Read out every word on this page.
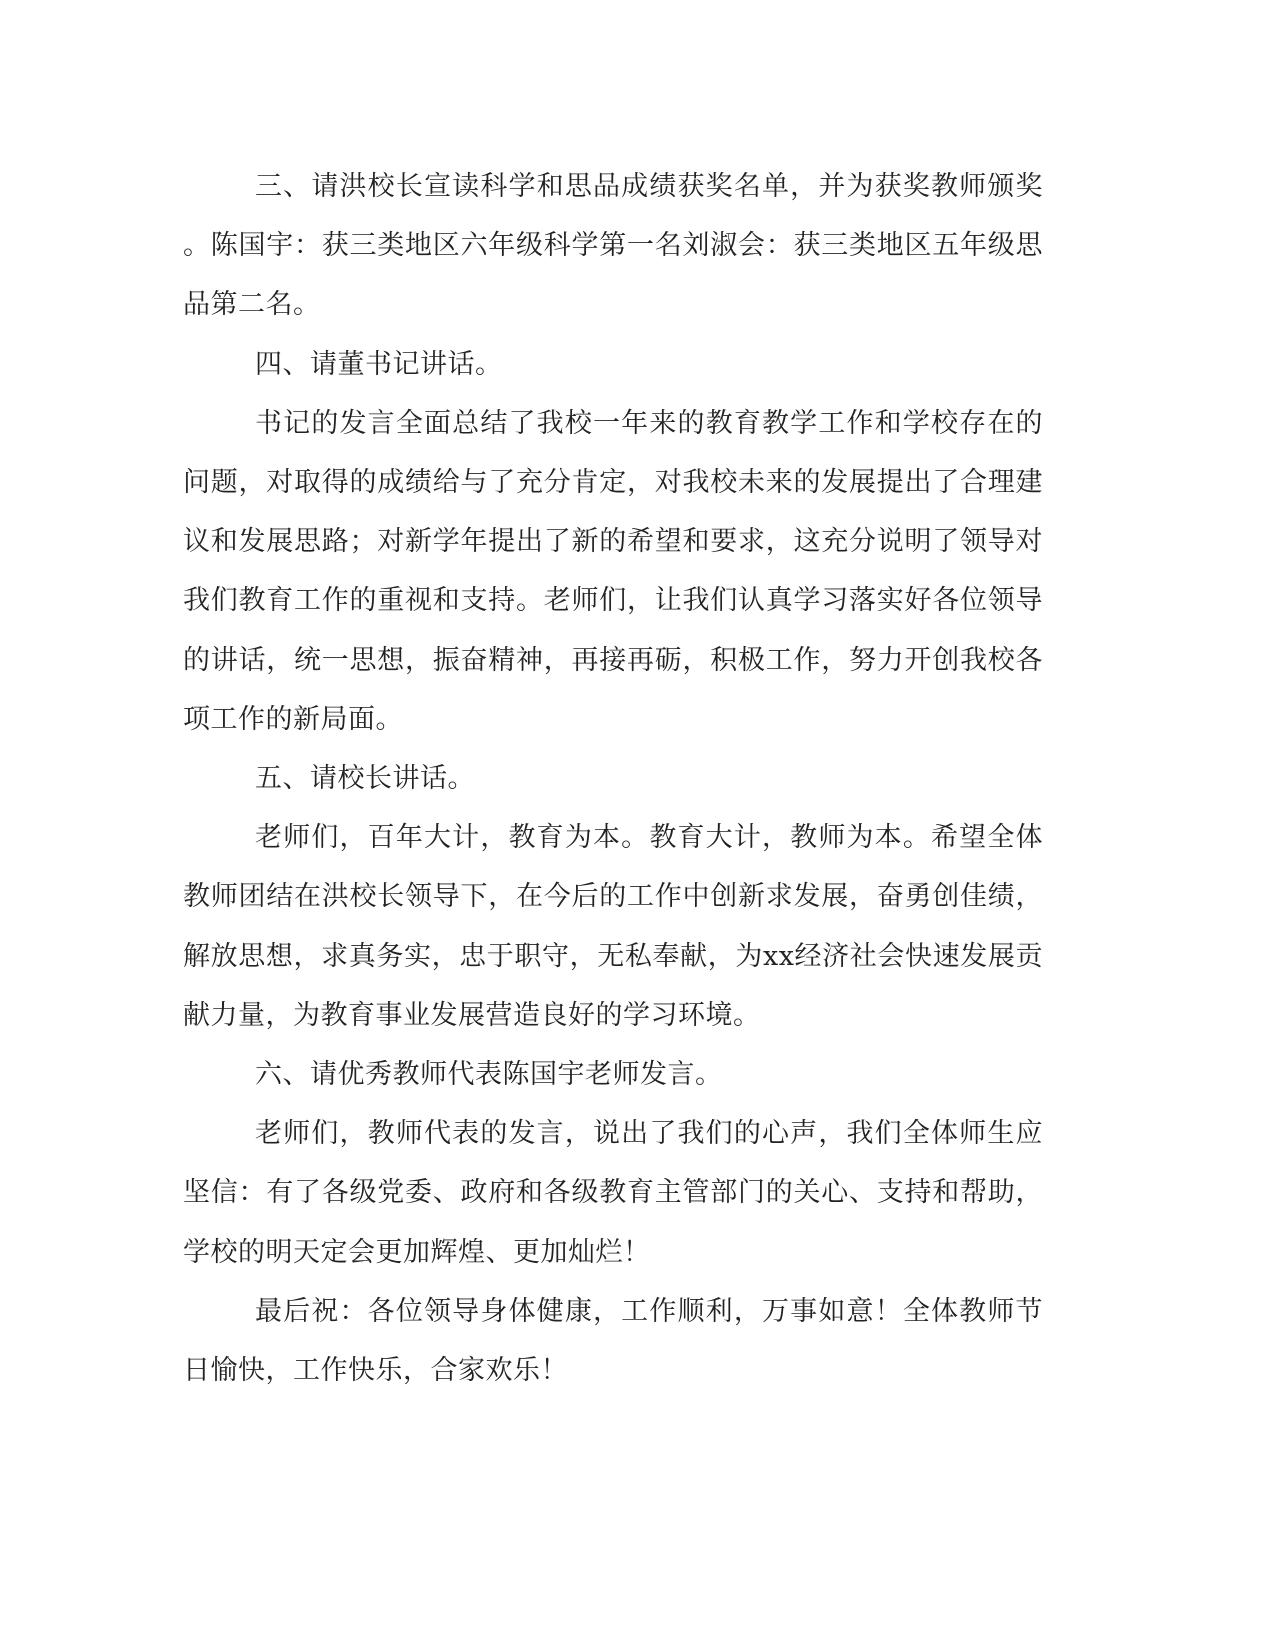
三、请洪校长宣读科学和思品成绩获奖名单，并为获奖教师颁奖。陈国宇：获三类地区六年级科学第一名刘淑会：获三类地区五年级思品第二名。

四、请董书记讲话。

书记的发言全面总结了我校一年来的教育教学工作和学校存在的问题，对取得的成绩给与了充分肯定，对我校未来的发展提出了合理建议和发展思路；对新学年提出了新的希望和要求，这充分说明了领导对我们教育工作的重视和支持。老师们，让我们认真学习落实好各位领导的讲话，统一思想，振奋精神，再接再砺，积极工作，努力开创我校各项工作的新局面。

五、请校长讲话。

老师们，百年大计，教育为本。教育大计，教师为本。希望全体教师团结在洪校长领导下，在今后的工作中创新求发展，奋勇创佳绩，解放思想，求真务实，忠于职守，无私奉献，为xx经济社会快速发展贡献力量，为教育事业发展营造良好的学习环境。

六、请优秀教师代表陈国宇老师发言。

老师们，教师代表的发言，说出了我们的心声，我们全体师生应坚信：有了各级党委、政府和各级教育主管部门的关心、支持和帮助，学校的明天定会更加辉煌、更加灿烂！

最后祝：各位领导身体健康，工作顺利，万事如意！全体教师节日愉快，工作快乐，合家欢乐！
